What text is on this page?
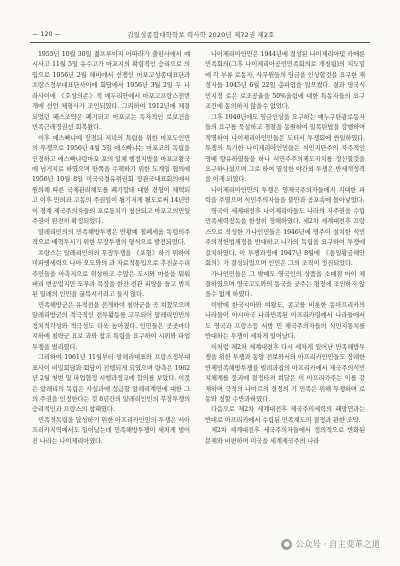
— 120 —	김일성종합대학학보 력사학 2020년 제72권 제2호

1955년 10월 30일 젊프루이지 아따라가 출판사에서 예시사고 11월 5일 유수고가 마포지의 확령적인 승리으로 의입으로 1956년 2월 해비에서 선쟁인 마포고성종대표단과 프랑스정부대표단사이에 회담에서 1956년 3월 2일 두 나라사이에 《호상의존》적 애두리안에서 마포고프랑스전번개에 선언 체형사가 조인되였다. 그리하여 1912년에 체결되었던 페스조약은 폐기되고 마포코는 독자적인 로보건을 민족근래정권선 회복왔다.

이후 에스빠냐에 장점되 저녁의 특립을 위한 마포도인민의 투쟁으로 1956년 4월 5일 에스빠냐는 마포코와 독립을 인정하고 에스빠냐령마포 포의 일체 행정지방을 마포고왕국에 넘거지로 하였으며 딴쪽을 수팩하기 위한 도계일 협의에 1956년 10월 8일 미국국경유위권회 장관국대표회의에서 원의해 따른 국제관리체도를 폐기합테 대한 경형이 체택되고 이후 만의과 고동의 주권일이 될기저게 될도로써 14년만이 경계 제국주의자들의 포로통치가 청산되고 마포고의민일 주권이 완전히 확정되었다.

말레리민의의 민족해방투쟁은 반황예 철폐세움 독령의주적으로 배혁투시기 위한 무장투쟁의 형식으로 발전되었다.

프랑스는 알레리민의의 무장투쟁을 《포형》하기 위하여 미파병세력으 나아 오도와의 과 자료적통입으로 추진운수리 주민들을 아측지으로 위상하고 수많은 도시와 마을을 뭐워버리 변공업지만 도루과 목장을 한잔 전관 피양을 들고 범치된 일레의 인민을 굴복시키려고 들지 앉다.

민족해방군은 유적전을 전개하여 침략군을 곡 쳐첬모으며 알레리방군의 적극적인 전투활동를 고무되어 알레리민민의 정치적각성와 적극성도 더욱 높아졌다. 인민들은 곳곳마다 지하에 침략군 요보 과와 참조 특립을 요구하여 시위와 파업투쟁을 벌리였다.

그리하여 1961년 11월부터 알레리대표와 프랑스정부대표사이 비밀회담과 회담이 진행되게 되였으며 량측은 1962년 2월 첫번 및 파업협정 시행과정교에 합의를 보았다. 이것은 알레리의 독립은 사실과에 성급할 알레리계민에 대한 그의 주권을 인정한다는 것 8년간의 알레리인민의 무장투쟁의 승리적인과 프랑스의 참패였다.

민족적독립을 달성하기 위한 아프리카인민의 투쟁은 서아프리카지역에서도 일어났는데 민족해방투쟁이 세차게 벌어진 나라는 나이제리아였다.

나이제리아인민은 1944년에 결성된 나이제리아및 카메룬민족회의(그후 나이제리아공민민족회의로 개칭됨)의 지도밑에 각 부류 로동자, 사무원들의 임금을 인상할것을 요구한 재정자들 1945년 6월 22일 총파업을 일으켰다. 결과 영국식민지정 로은 로조공율을 50%올림에 대한 특동자들의 요구조건에 동의하지 않을수 없었다.

그후 1949년에도 임금인상을 요구하는 예누구탄광로동자들의 요구를 묵살하고 경찰을 동원하여 일목탄탑을 강행하며 적명하여 나이제리아인민들은 도터서 투쟁회에 싼일하였다. 투쟁의 특기한 나이제리아인민들은 식민지단주의 자주적인 영예 향유하였들을 하나 서민주주의제도자치를 정신할것을 요구하나섰으며 그로 하여 열성한 야간외 투쟁은 반세적성격을 이게 되였다.

나이제리아인민의 투쟁은 영제국주의자들에지 지대한 파력을 주였으며 식민주의자들을 불안과 공포속에 몰아넣었다.

영국이 세제대전후 나이제리아들도 나라의 자주권을 수립 민족세력장독을 한창히 정해하였다. 세2차 세계대전후 프랑스으로 작성한 가나인민들은 1946년에 영주이 설치한 식민주의적헌법제정을 반대하고 나가의 독립을 요구하여 투쟁에 걸치하였다. 이 투쟁과정에 1947년 8월에 《통일황금해안회의》가 결성되었으며 인민은 그의 조직이 정진되었다.

가나인민들은 그 밖에도 영국인의 상품을 소매점 마이 체결하였으며 영국고도와의 동국을 굿주는 형정에 조인하지 않을수 없게 하였다.

이밖에 한국시아와 여왕도, 콩고를 비롯한 동아프리카의 나라들이 아시아국 나라민족된 아프리카령에서 나라들에서도 영국과 프랑스등 서방 민 제국주의자들의 식민지통치를 반대하는 투쟁이 세차게 일어났다.

이처럼 제2차 세계대전후 다시 세차게 일어난 민족해방투쟁을 위한 투쟁과 동양 전보와서의 아프리카인민들도 장래한 반제민족해방투쟁을 벌려과잡의 아프리카에서 제국주의식민지체계를 붕괴에 결정타져 희달은 이 아프리카주는 이를 강제하며 극적의 나마르의 결정의 기 민족은 위해 투쟁하며 로동와 정할 수반과하였다.

다음으로 제2차 세계대전후 제국주의세력의 패망연과는 반대로 아프리카에서 수립된 민족제도의 결정과 관한 조약.

제2차 세계대전후 세국주의자들에서 정의적으로 반화된 문제와 비편하며 미국을 세계제국주의 나라

● 公众号 · 自主变革之道
